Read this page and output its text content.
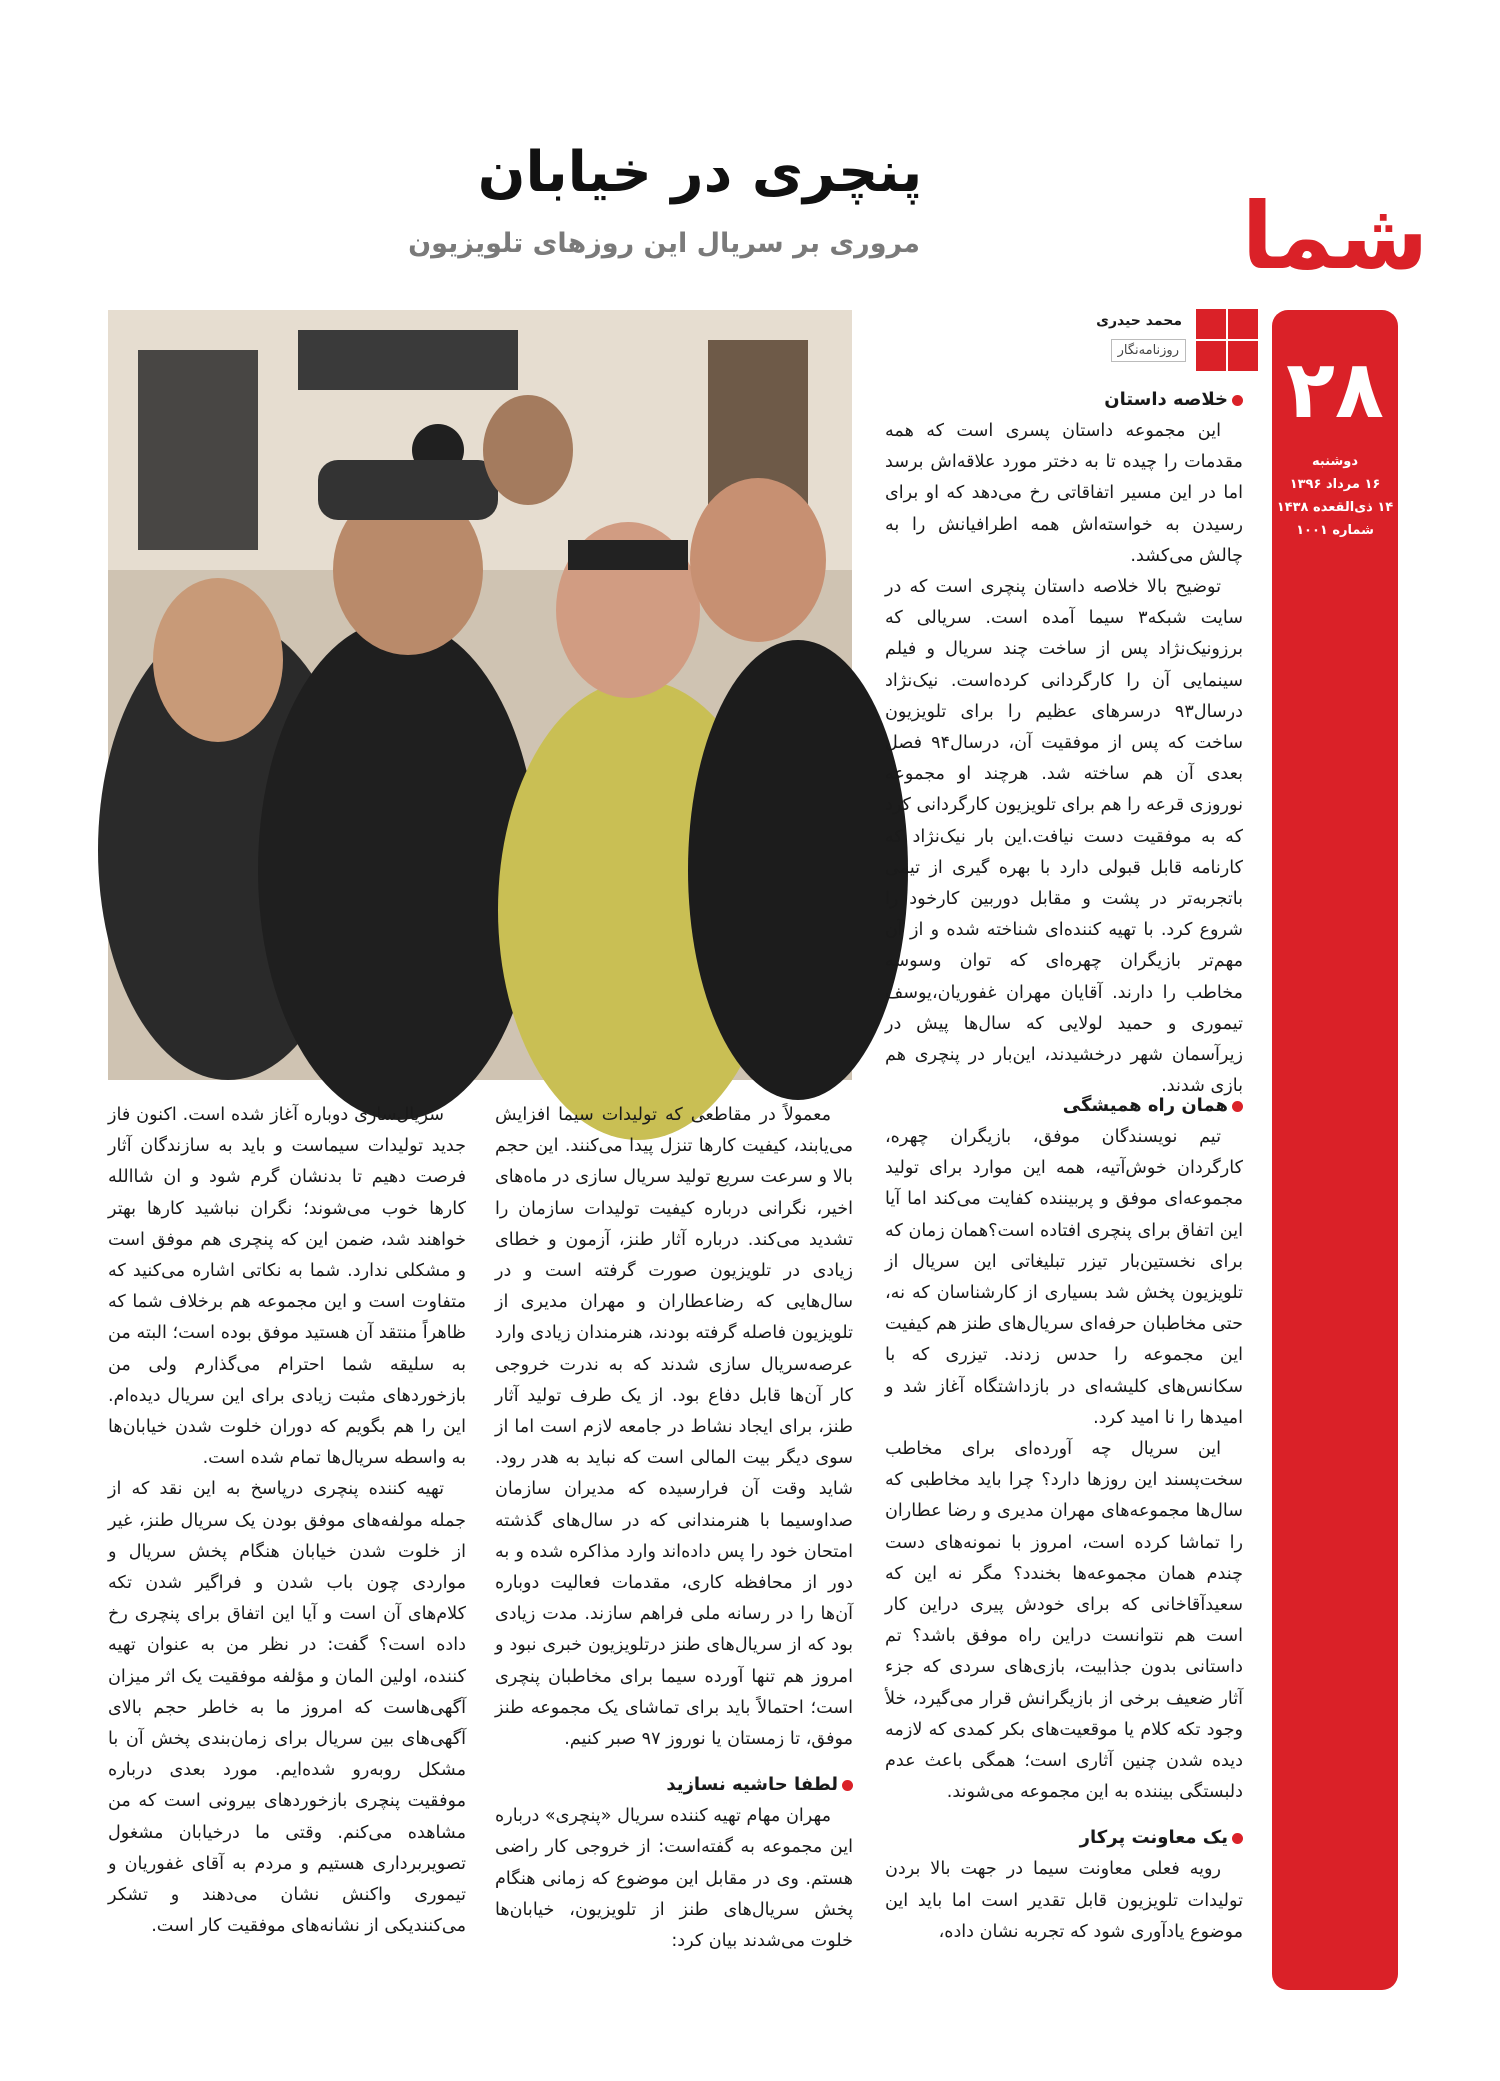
شما
۲۸
دوشنبه
۱۶ مرداد ۱۳۹۶
۱۴ ذی‌القعده ۱۴۳۸
شماره ۱۰۰۱
پنچری در خیابان
مروری بر سریال این روزهای تلویزیون
محمد حیدری
روزنامه‌نگار
خلاصه داستان

این مجموعه داستان پسری است که همه مقدمات را چیده تا به دختر مورد علاقه‌اش برسد اما در این مسیر اتفاقاتی رخ می‌دهد که او برای رسیدن به خواسته‌اش همه اطرافیانش را به چالش می‌کشد.

توضیح بالا خلاصه داستان پنچری است که در سایت شبکه۳ سیما آمده است. سریالی که برزونیک‌نژاد پس از ساخت چند سریال و فیلم سینمایی آن را کارگردانی کرده‌است. نیک‌نژاد درسال۹۳ درسرهای عظیم را برای تلویزیون ساخت که پس از موفقیت آن، درسال۹۴ فصل بعدی آن هم ساخته شد. هرچند او مجموعه نوروزی قرعه را هم برای تلویزیون کارگردانی کرد که به موفقیت دست نیافت.این بار نیک‌نژاد که کارنامه قابل قبولی دارد با بهره گیری از تیمی باتجربه‌تر در پشت و مقابل دوربین کارخود را شروع کرد. با تهیه کننده‌ای شناخته شده و از آن مهم‌تر بازیگران چهره‌ای که توان وسوسه مخاطب را دارند. آقایان مهران غفوریان،یوسف تیموری و حمید لولایی که سال‌ها پیش در زیرآسمان شهر درخشیدند، این‌بار در پنچری هم بازی شدند.

همان راه همیشگی

تیم نویسندگان موفق، بازیگران چهره، کارگردان خوش‌آتیه، همه این موارد برای تولید مجموعه‌ای موفق و پربیننده کفایت می‌کند اما آیا این اتفاق برای پنچری افتاده است؟همان زمان که برای نخستین‌بار تیزر تبلیغاتی این سریال از تلویزیون پخش شد بسیاری از کارشناسان که نه، حتی مخاطبان حرفه‌ای سریال‌های طنز هم کیفیت این مجموعه را حدس زدند. تیزری که با سکانس‌های کلیشه‌ای در بازداشتگاه آغاز شد و امیدها را نا امید کرد.

این سریال چه آورده‌ای برای مخاطب سخت‌پسند این روزها دارد؟ چرا باید مخاطبی که سال‌ها مجموعه‌های مهران مدیری و رضا عطاران را تماشا کرده است، امروز با نمونه‌های دست چندم همان مجموعه‌ها بخندد؟ مگر نه این که سعید‌آقاخانی که برای خودش پیری دراین کار است هم نتوانست دراین راه موفق باشد؟ تم داستانی بدون جذابیت، بازی‌های سردی که جزء آثار ضعیف برخی از بازیگرانش قرار می‌گیرد، خلأ وجود تکه کلام یا موقعیت‌های بکر کمدی که لازمه دیده شدن چنین آثاری است؛ همگی باعث عدم دلبستگی بیننده به این مجموعه می‌شوند.

یک معاونت پرکار

رویه فعلی معاونت سیما در جهت بالا بردن تولیدات تلویزیون قابل تقدیر است اما باید این موضوع یادآوری شود که تجربه نشان داده،

معمولاً در مقاطعی که تولیدات سیما افزایش می‌یابند، کیفیت کارها تنزل پیدا می‌کنند. این حجم بالا و سرعت سریع تولید سریال سازی در ماه‌های اخیر، نگرانی درباره کیفیت تولیدات سازمان را تشدید می‌کند. درباره آثار طنز، آزمون و خطای زیادی در تلویزیون صورت گرفته است و در سال‌هایی که رضاعطاران و مهران مدیری از تلویزیون فاصله گرفته بودند، هنرمندان زیادی وارد عرصه‌سریال سازی شدند که به ندرت خروجی کار آن‌ها قابل دفاع بود. از یک طرف تولید آثار طنز، برای ایجاد نشاط در جامعه لازم است اما از سوی دیگر بیت المالی است که نباید به هدر رود. شاید وقت آن فرارسیده که مدیران سازمان صداوسیما با هنرمندانی که در سال‌های گذشته امتحان خود را پس داده‌اند وارد مذاکره شده و به دور از محافظه کاری، مقدمات فعالیت دوباره آن‌ها را در رسانه ملی فراهم سازند. مدت زیادی بود که از سریال‌های طنز درتلویزیون خبری نبود و امروز هم تنها آورده سیما برای مخاطبان پنچری است؛ احتمالاً باید برای تماشای یک مجموعه طنز موفق، تا زمستان یا نوروز ۹۷ صبر کنیم.

لطفا حاشیه نسازید

مهران مهام تهیه کننده سریال «پنچری» درباره این مجموعه به گفته‌است: از خروجی کار راضی هستم. وی در مقابل این موضوع که زمانی هنگام پخش سریال‌های طنز از تلویزیون، خیابان‌ها خلوت می‌شدند بیان کرد:

سریال‌سازی دوباره آغاز شده است. اکنون فاز جدید تولیدات سیماست و باید به سازندگان آثار فرصت دهیم تا بدنشان گرم شود و ان شاالله کارها خوب می‌شوند؛ نگران نباشید کارها بهتر خواهند شد، ضمن این که پنچری هم موفق است و مشکلی ندارد. شما به نکاتی اشاره می‌کنید که متفاوت است و این مجموعه هم برخلاف شما که ظاهراً منتقد آن هستید موفق بوده است؛ البته من به سلیقه شما احترام می‌گذارم ولی من بازخوردهای مثبت زیادی برای این سریال دیده‌ام. این را هم بگویم که دوران خلوت شدن خیابان‌ها به واسطه سریال‌ها تمام شده است.

تهیه کننده پنچری درپاسخ به این نقد که از جمله مولفه‌های موفق بودن یک سریال طنز، غیر از خلوت شدن خیابان هنگام پخش سریال و مواردی چون باب شدن و فراگیر شدن تکه کلام‌های آن است و آیا این اتفاق برای پنچری رخ داده است؟ گفت: در نظر من به عنوان تهیه کننده، اولین المان و مؤلفه موفقیت یک اثر میزان آگهی‌هاست که امروز ما به خاطر حجم بالای آگهی‌های بین سریال برای زمان‌بندی پخش آن با مشکل روبه‌رو شده‌ایم. مورد بعدی درباره موفقیت پنچری بازخوردهای بیرونی است که من مشاهده می‌کنم. وقتی ما درخیابان مشغول تصویربرداری هستیم و مردم به آقای غفوریان و تیموری واکنش نشان می‌دهند و تشکر می‌کنندیکی از نشانه‌های موفقیت کار است.
